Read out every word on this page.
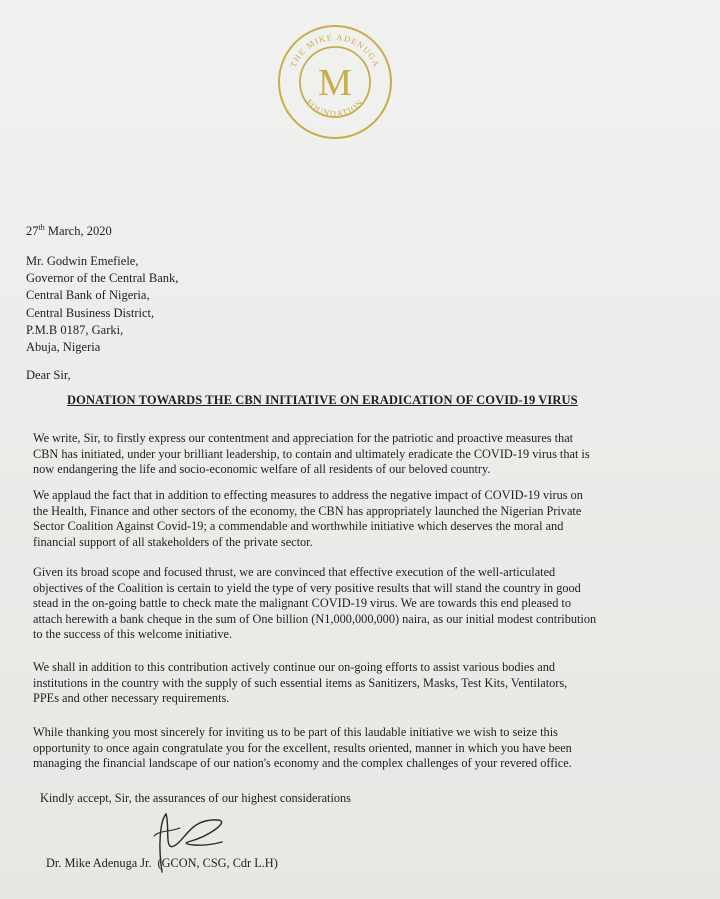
THE MIKE ADENUGA
FOUNDATION
M
27th March, 2020
Mr. Godwin Emefiele,
Governor of the Central Bank,
Central Bank of Nigeria,
Central Business District,
P.M.B 0187, Garki,
Abuja, Nigeria
Dear Sir,
DONATION TOWARDS THE CBN INITIATIVE ON ERADICATION OF COVID-19 VIRUS
We write, Sir, to firstly express our contentment and appreciation for the patriotic and proactive measures that
CBN has initiated, under your brilliant leadership, to contain and ultimately eradicate the COVID-19 virus that is
now endangering the life and socio-economic welfare of all residents of our beloved country.
We applaud the fact that in addition to effecting measures to address the negative impact of COVID-19 virus on
the Health, Finance and other sectors of the economy, the CBN has appropriately launched the Nigerian Private
Sector Coalition Against Covid-19; a commendable and worthwhile initiative which deserves the moral and
financial support of all stakeholders of the private sector.
Given its broad scope and focused thrust, we are convinced that effective execution of the well-articulated
objectives of the Coalition is certain to yield the type of very positive results that will stand the country in good
stead in the on-going battle to check mate the malignant COVID-19 virus. We are towards this end pleased to
attach herewith a bank cheque in the sum of One billion (N1,000,000,000) naira, as our initial modest contribution
to the success of this welcome initiative.
We shall in addition to this contribution actively continue our on-going efforts to assist various bodies and
institutions in the country with the supply of such essential items as Sanitizers, Masks, Test Kits, Ventilators,
PPEs and other necessary requirements.
While thanking you most sincerely for inviting us to be part of this laudable initiative we wish to seize this
opportunity to once again congratulate you for the excellent, results oriented, manner in which you have been
managing the financial landscape of our nation's economy and the complex challenges of your revered office.
Kindly accept, Sir, the assurances of our highest considerations
Dr. Mike Adenuga Jr. (GCON, CSG, Cdr L.H)
